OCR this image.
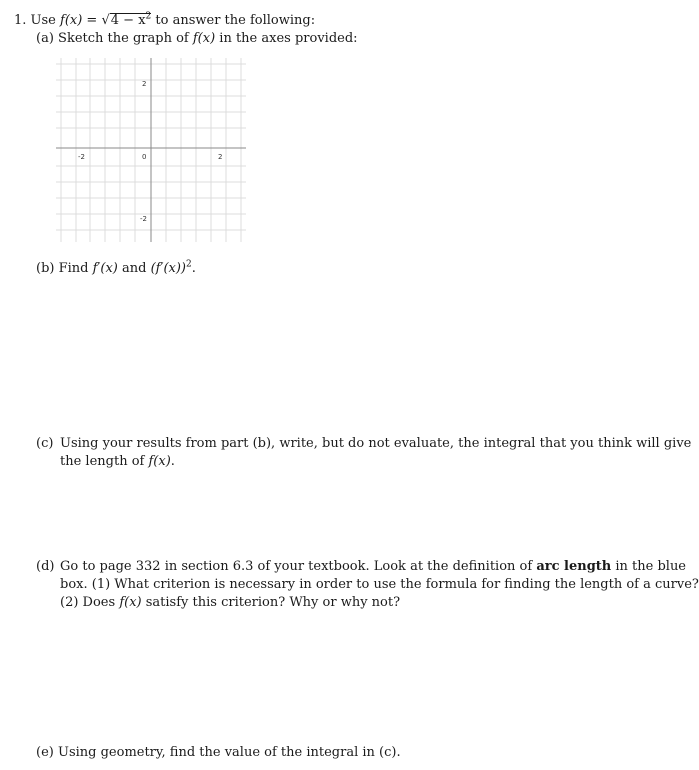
1. Use $f(x) = √4 - x^2$ to answer the following:
(a) Sketch the graph of f(x) in the axes provided:
-2	0	2
2
-2
(b) Find f′(x) and $(f'(x))^2$.
(c) Using your results from part (b), write, but do not evaluate, the integral that you think will give
the length of f(x).
(d) Go to page 332 in section 6.3 of your textbook. Look at the definition of arc length in the blue
box. (1) What criterion is necessary in order to use the formula for finding the length of a curve?
(2) Does f(x) satisfy this criterion? Why or why not?
(e) Using geometry, find the value of the integral in (c).
